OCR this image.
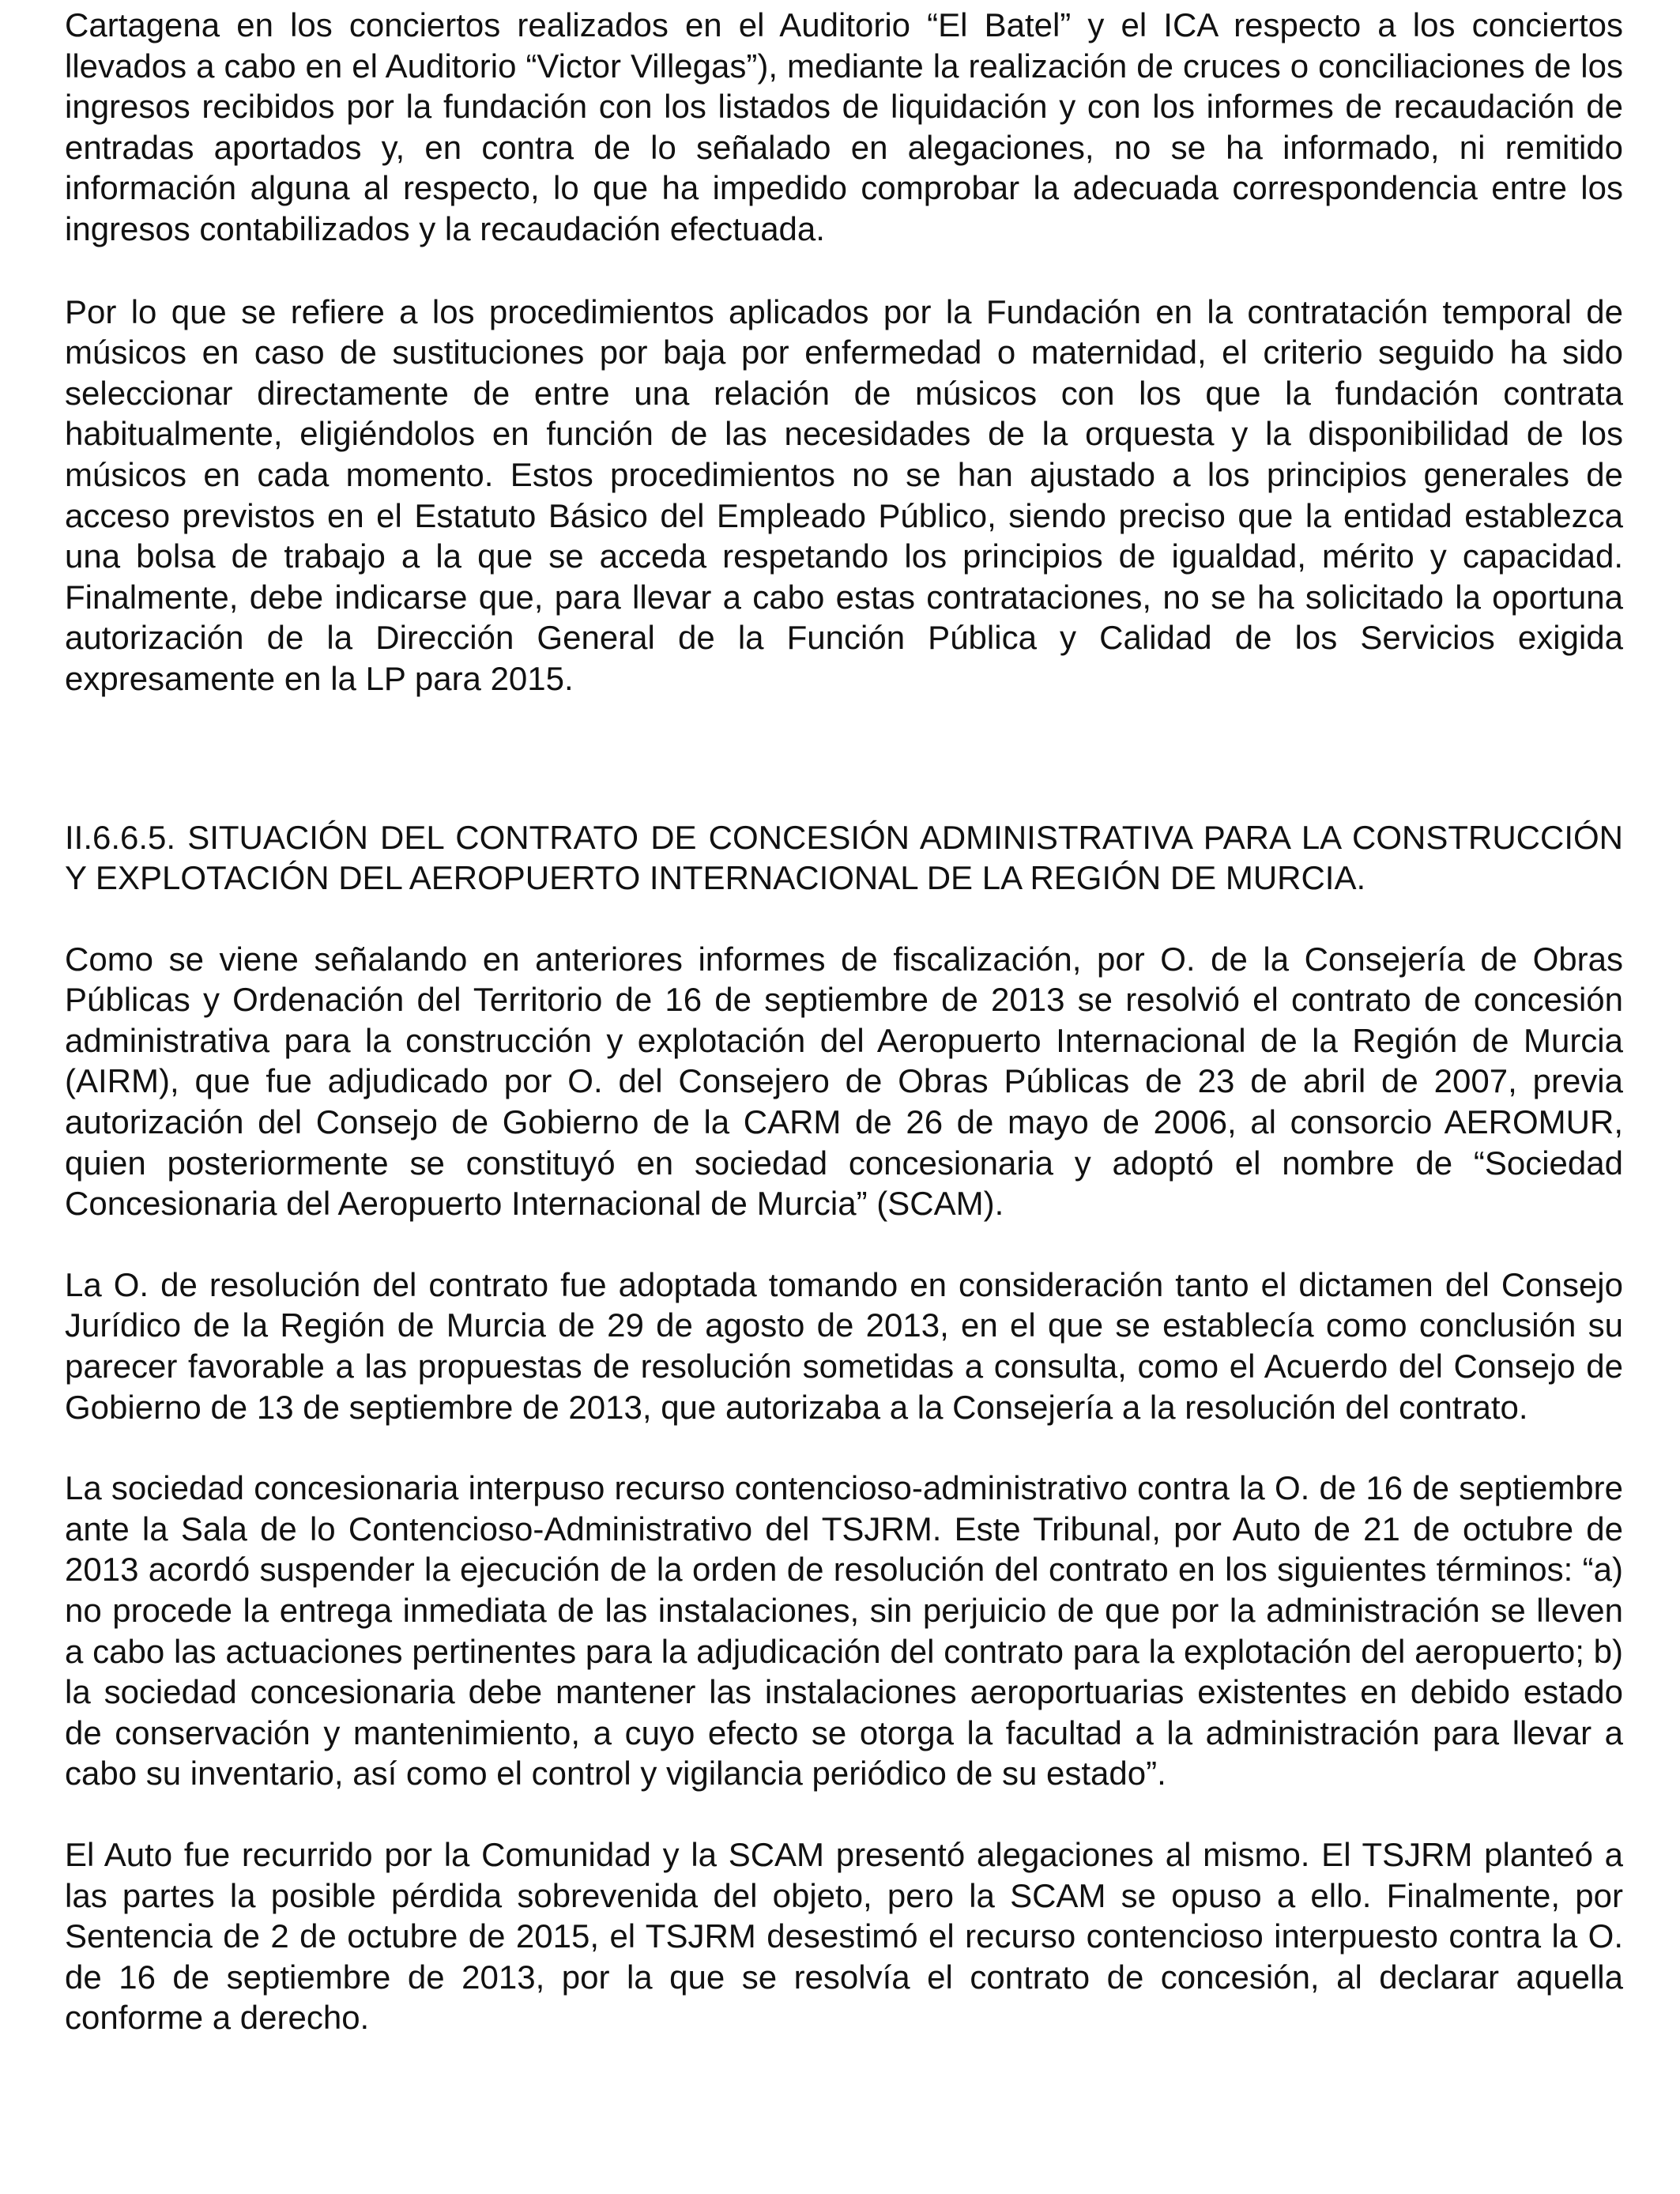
Cartagena en los conciertos realizados en el Auditorio “El Batel” y el ICA respecto a los conciertos llevados a cabo en el Auditorio “Victor Villegas”), mediante la realización de cruces o conciliaciones de los ingresos recibidos por la fundación con los listados de liquidación y con los informes de recaudación de entradas aportados y, en contra de lo señalado en alegaciones, no se ha informado, ni remitido información alguna al respecto, lo que ha impedido comprobar la adecuada correspondencia entre los ingresos contabilizados y la recaudación efectuada.

Por lo que se refiere a los procedimientos aplicados por la Fundación en la contratación temporal de músicos en caso de sustituciones por baja por enfermedad o maternidad, el criterio seguido ha sido seleccionar directamente de entre una relación de músicos con los que la fundación contrata habitualmente, eligiéndolos en función de las necesidades de la orquesta y la disponibilidad de los músicos en cada momento. Estos procedimientos no se han ajustado a los principios generales de acceso previstos en el Estatuto Básico del Empleado Público, siendo preciso que la entidad establezca una bolsa de trabajo a la que se acceda respetando los principios de igualdad, mérito y capacidad. Finalmente, debe indicarse que, para llevar a cabo estas contrataciones, no se ha solicitado la oportuna autorización de la Dirección General de la Función Pública y Calidad de los Servicios exigida expresamente en la LP para 2015.

II.6.6.5. SITUACIÓN DEL CONTRATO DE CONCESIÓN ADMINISTRATIVA PARA LA CONSTRUCCIÓN Y EXPLOTACIÓN DEL AEROPUERTO INTERNACIONAL DE LA REGIÓN DE MURCIA.

Como se viene señalando en anteriores informes de fiscalización, por O. de la Consejería de Obras Públicas y Ordenación del Territorio de 16 de septiembre de 2013 se resolvió el contrato de concesión administrativa para la construcción y explotación del Aeropuerto Internacional de la Región de Murcia (AIRM), que fue adjudicado por O. del Consejero de Obras Públicas de 23 de abril de 2007, previa autorización del Consejo de Gobierno de la CARM de 26 de mayo de 2006, al consorcio AEROMUR, quien posteriormente se constituyó en sociedad concesionaria y adoptó el nombre de “Sociedad Concesionaria del Aeropuerto Internacional de Murcia” (SCAM).

La O. de resolución del contrato fue adoptada tomando en consideración tanto el dictamen del Consejo Jurídico de la Región de Murcia de 29 de agosto de 2013, en el que se establecía como conclusión su parecer favorable a las propuestas de resolución sometidas a consulta, como el Acuerdo del Consejo de Gobierno de 13 de septiembre de 2013, que autorizaba a la Consejería a la resolución del contrato.

La sociedad concesionaria interpuso recurso contencioso-administrativo contra la O. de 16 de septiembre ante la Sala de lo Contencioso-Administrativo del TSJRM. Este Tribunal, por Auto de 21 de octubre de 2013 acordó suspender la ejecución de la orden de resolución del contrato en los siguientes términos: “a) no procede la entrega inmediata de las instalaciones, sin perjuicio de que por la administración se lleven a cabo las actuaciones pertinentes para la adjudicación del contrato para la explotación del aeropuerto; b) la sociedad concesionaria debe mantener las instalaciones aeroportuarias existentes en debido estado de conservación y mantenimiento, a cuyo efecto se otorga la facultad a la administración para llevar a cabo su inventario, así como el control y vigilancia periódico de su estado”.

El Auto fue recurrido por la Comunidad y la SCAM presentó alegaciones al mismo. El TSJRM planteó a las partes la posible pérdida sobrevenida del objeto, pero la SCAM se opuso a ello. Finalmente, por Sentencia de 2 de octubre de 2015, el TSJRM desestimó el recurso contencioso interpuesto contra la O. de 16 de septiembre de 2013, por la que se resolvía el contrato de concesión, al declarar aquella conforme a derecho.
